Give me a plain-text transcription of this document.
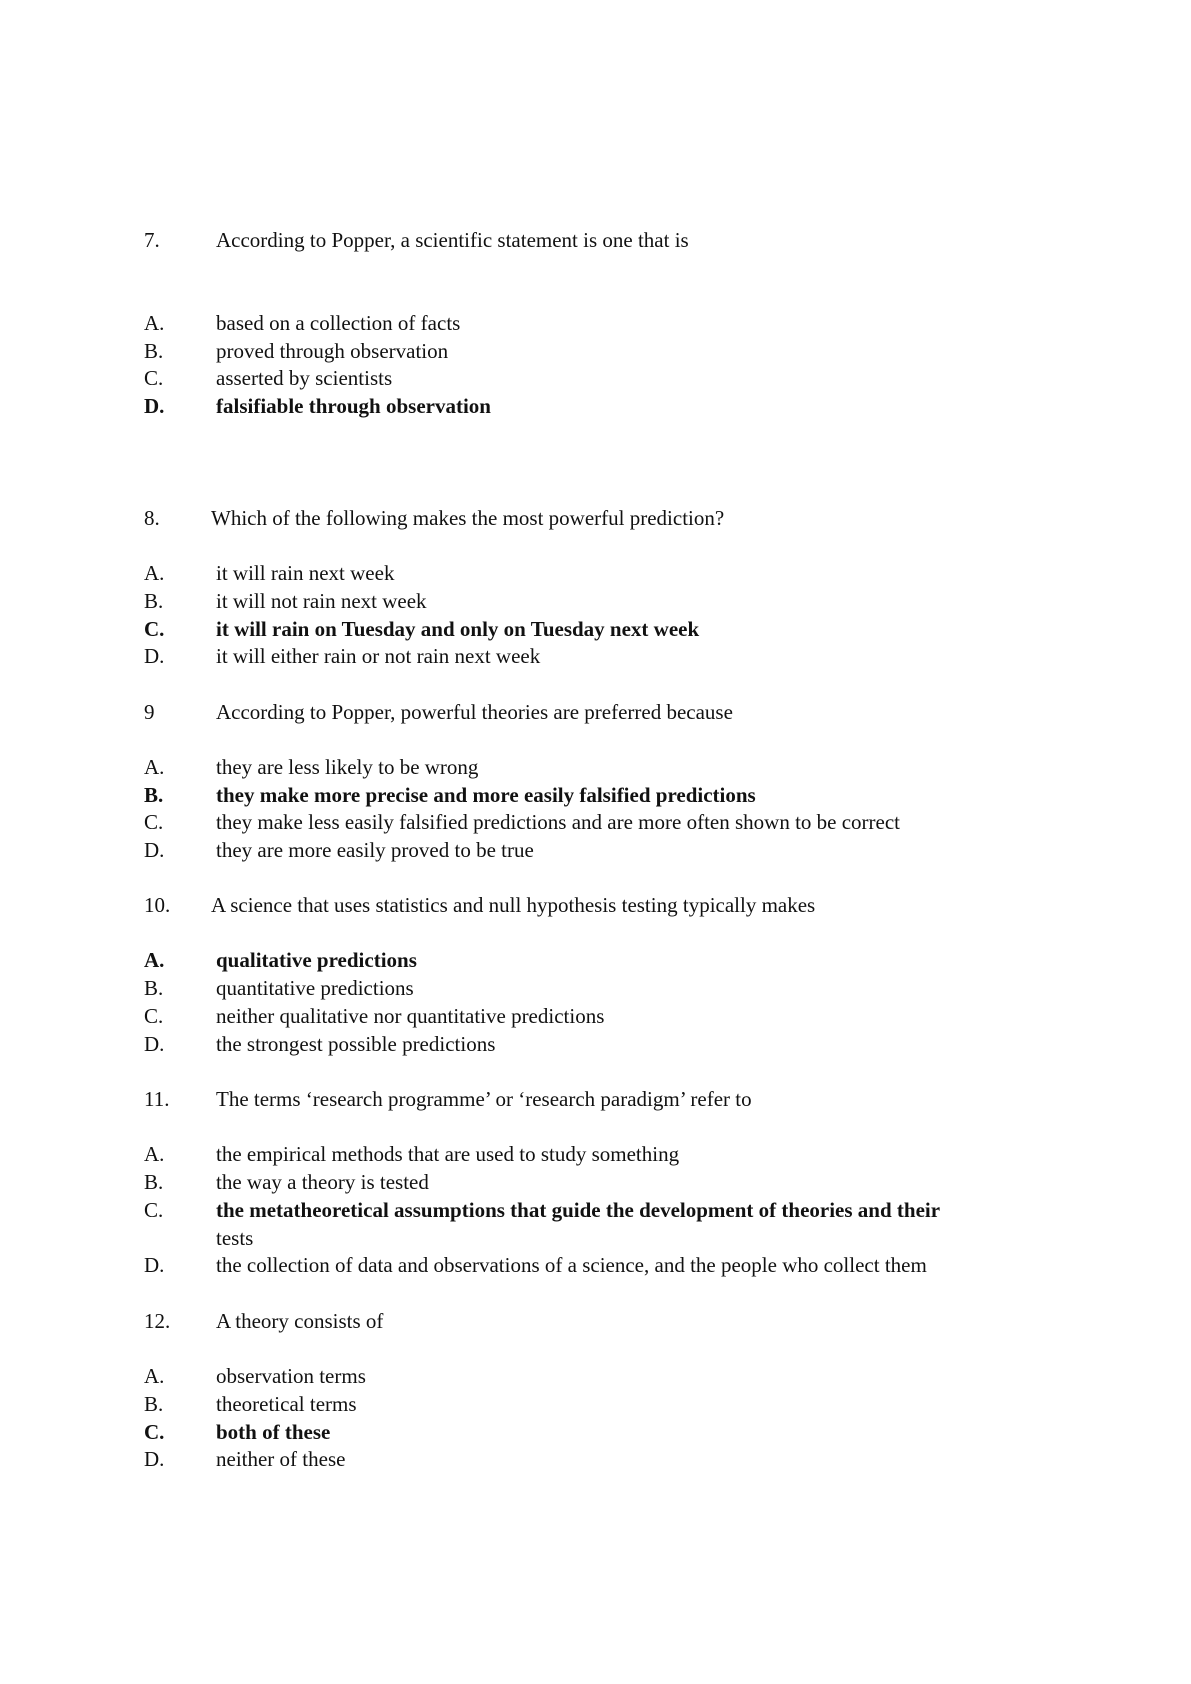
7.	According to Popper, a scientific statement is one that is
A. based on a collection of facts
B.	proved through observation
C.	asserted by scientists
D. falsifiable through observation
8. Which of the following makes the most powerful prediction?
A. it will rain next week
B.	it will not rain next week
C. it will rain on Tuesday and only on Tuesday next week
D. it will either rain or not rain next week
9	According to Popper, powerful theories are preferred because
A. they are less likely to be wrong
B.	they make more precise and more easily falsified predictions
C.	they make less easily falsified predictions and are more often shown to be correct
D. they are more easily proved to be true
10. A science that uses statistics and null hypothesis testing typically makes
A. qualitative predictions
B.	quantitative predictions
C.	neither qualitative nor quantitative predictions
D. the strongest possible predictions
11. The terms ‘research programme’ or ‘research paradigm’ refer to
A. the empirical methods that are used to study something
B.	the way a theory is tested
C.	the metatheoretical assumptions that guide the development of theories and their
tests
D. the collection of data and observations of a science, and the people who collect them
12. A theory consists of
A. observation terms
B.	theoretical terms
C. both of these
D. neither of these
